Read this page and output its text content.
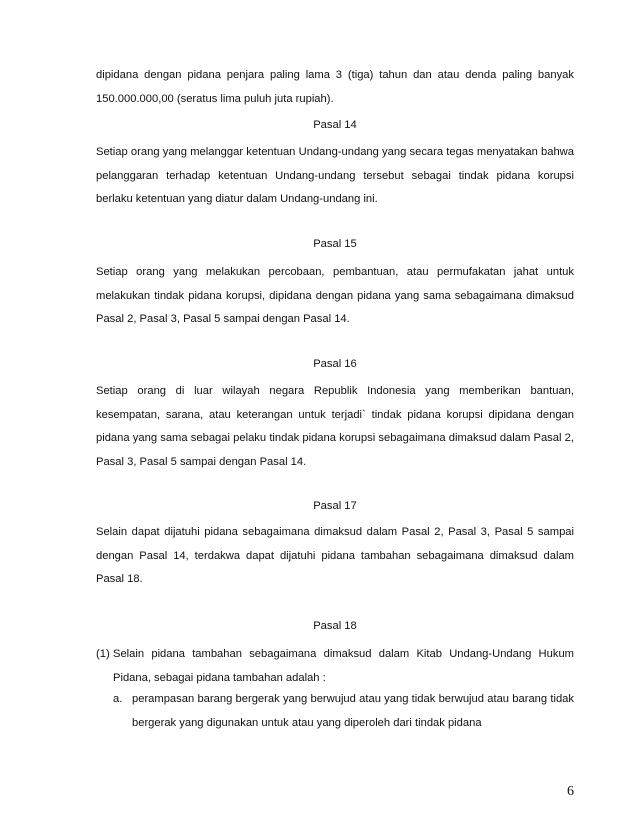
dipidana dengan pidana penjara paling lama 3 (tiga) tahun dan atau denda paling banyak 150.000.000,00 (seratus lima puluh juta rupiah).

Pasal 14

Setiap orang yang melanggar ketentuan Undang-undang yang secara tegas menyatakan bahwa pelanggaran terhadap ketentuan Undang-undang tersebut sebagai tindak pidana korupsi berlaku ketentuan yang diatur dalam Undang-undang ini.

Pasal 15

Setiap orang yang melakukan percobaan, pembantuan, atau permufakatan jahat untuk melakukan tindak pidana korupsi, dipidana dengan pidana yang sama sebagaimana dimaksud Pasal 2, Pasal 3, Pasal 5 sampai dengan Pasal 14.

Pasal 16

Setiap orang di luar wilayah negara Republik Indonesia yang memberikan bantuan, kesempatan, sarana, atau keterangan untuk terjadi` tindak pidana korupsi dipidana dengan pidana yang sama sebagai pelaku tindak pidana korupsi sebagaimana dimaksud dalam Pasal 2, Pasal 3, Pasal 5 sampai dengan Pasal 14.

Pasal 17

Selain dapat dijatuhi pidana sebagaimana dimaksud dalam Pasal 2, Pasal 3, Pasal 5 sampai dengan Pasal 14, terdakwa dapat dijatuhi pidana tambahan sebagaimana dimaksud dalam Pasal 18.

Pasal 18

(1) Selain pidana tambahan sebagaimana dimaksud dalam Kitab Undang-Undang Hukum Pidana, sebagai pidana tambahan adalah :
a. perampasan barang bergerak yang berwujud atau yang tidak berwujud atau barang tidak bergerak yang digunakan untuk atau yang diperoleh dari tindak pidana
6
